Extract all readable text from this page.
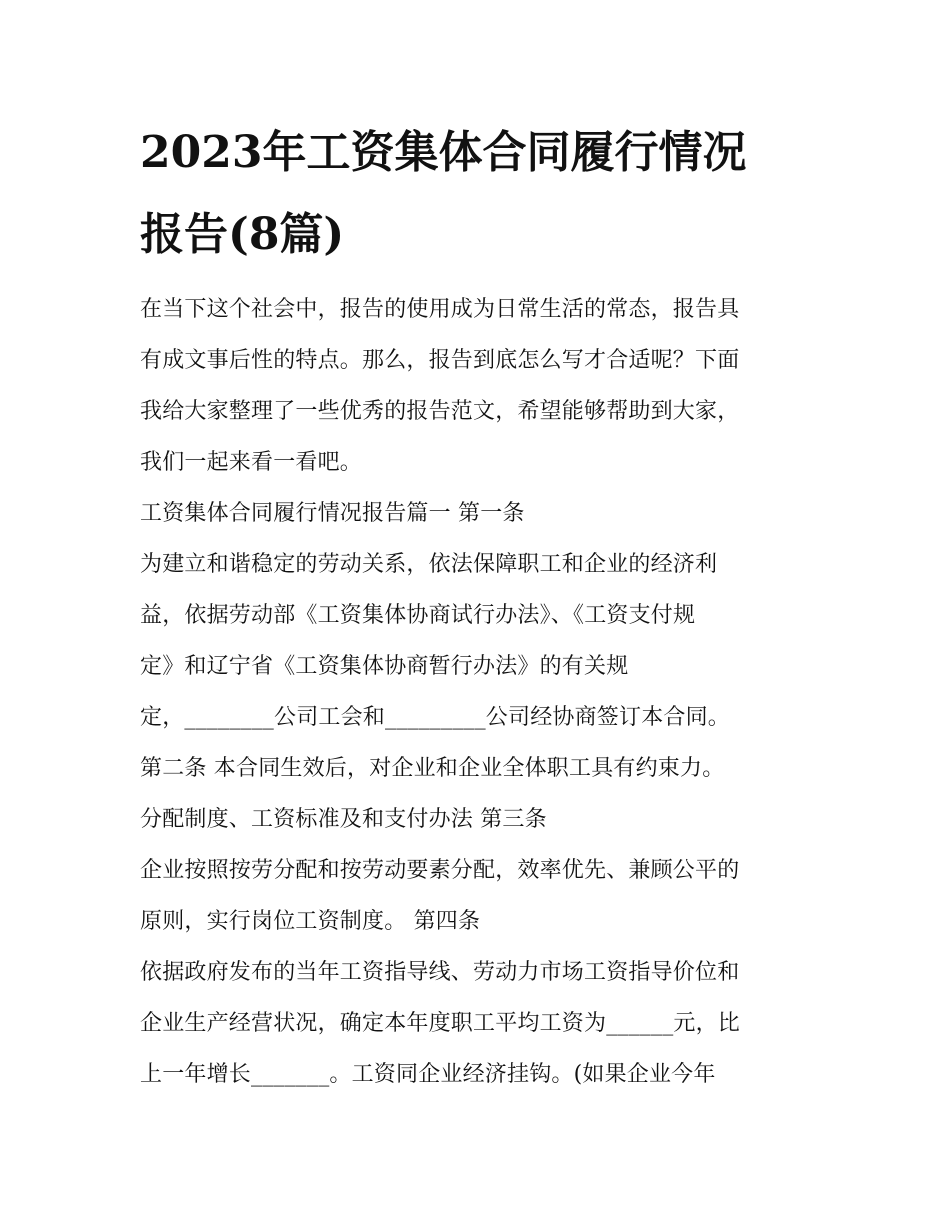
2023年工资集体合同履行情况
报告(8篇)
在当下这个社会中，报告的使用成为日常生活的常态，报告具
有成文事后性的特点。那么，报告到底怎么写才合适呢？下面
我给大家整理了一些优秀的报告范文，希望能够帮助到大家，
我们一起来看一看吧。
工资集体合同履行情况报告篇一 第一条
为建立和谐稳定的劳动关系，依法保障职工和企业的经济利
益，依据劳动部《工资集体协商试行办法》、《工资支付规
定》和辽宁省《工资集体协商暂行办法》的有关规
定，________公司工会和_________公司经协商签订本合同。
第二条 本合同生效后，对企业和企业全体职工具有约束力。
分配制度、工资标准及和支付办法 第三条
企业按照按劳分配和按劳动要素分配，效率优先、兼顾公平的
原则，实行岗位工资制度。 第四条
依据政府发布的当年工资指导线、劳动力市场工资指导价位和
企业生产经营状况，确定本年度职工平均工资为______元，比
上一年增长_______。工资同企业经济挂钩。(如果企业今年
